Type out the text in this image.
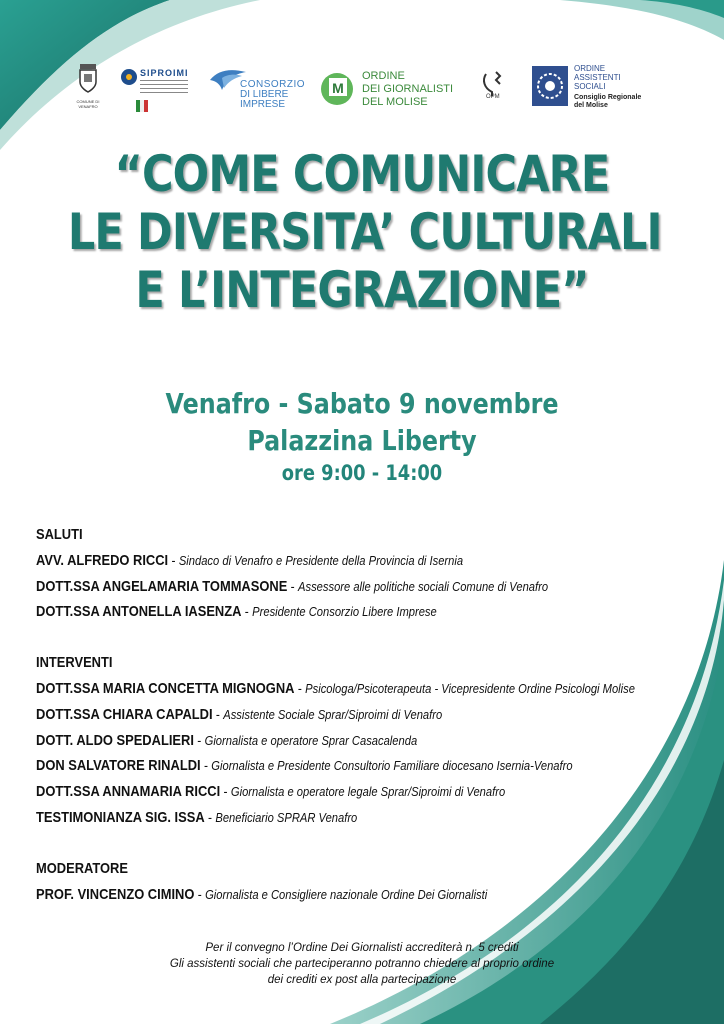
COMUNE DI VENAFRO
SIPROIMI
CONSORZIO
DI LIBERE
IMPRESE
M
ORDINE
DEI GIORNALISTI
DEL MOLISE	OPM
ORDINE
ASSISTENTI
SOCIALI
Consiglio Regionale
del Molise
“COME COMUNICARE
LE DIVERSITA’ CULTURALI
E L’INTEGRAZIONE”
Venafro - Sabato 9 novembre
Palazzina Liberty
ore 9:00 - 14:00
SALUTI
AVV. ALFREDO RICCI - Sindaco di Venafro e Presidente della Provincia di Isernia
DOTT.SSA ANGELAMARIA TOMMASONE - Assessore alle politiche sociali Comune di Venafro
DOTT.SSA ANTONELLA IASENZA - Presidente Consorzio Libere Imprese
INTERVENTI
DOTT.SSA MARIA CONCETTA MIGNOGNA - Psicologa/Psicoterapeuta - Vicepresidente Ordine Psicologi Molise
DOTT.SSA CHIARA CAPALDI - Assistente Sociale Sprar/Siproimi di Venafro
DOTT. ALDO SPEDALIERI - Giornalista e operatore Sprar Casacalenda
DON SALVATORE RINALDI - Giornalista e Presidente Consultorio Familiare diocesano Isernia-Venafro
DOTT.SSA ANNAMARIA RICCI - Giornalista e operatore legale Sprar/Siproimi di Venafro
TESTIMONIANZA SIG. ISSA - Beneficiario SPRAR Venafro
MODERATORE
PROF. VINCENZO CIMINO - Giornalista e Consigliere nazionale Ordine Dei Giornalisti
Per il convegno l’Ordine Dei Giornalisti accrediterà n. 5 crediti
Gli assistenti sociali che parteciperanno potranno chiedere al proprio ordine
dei crediti ex post alla partecipazione
